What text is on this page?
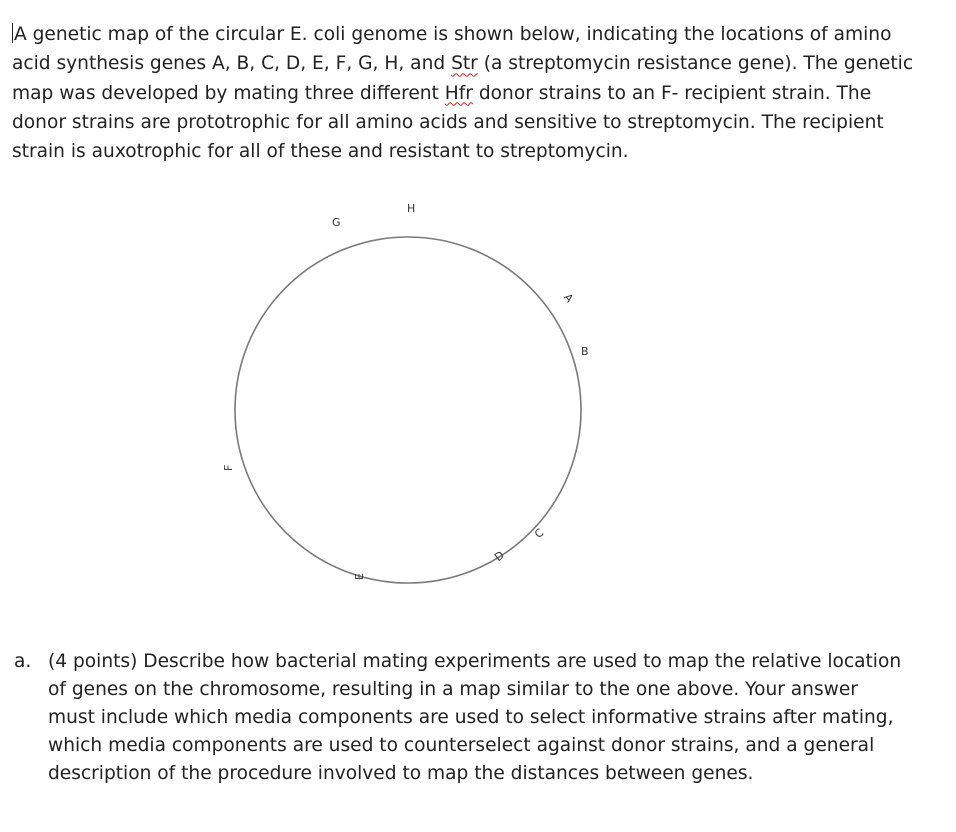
A genetic map of the circular E. coli genome is shown below, indicating the locations of amino
acid synthesis genes A, B, C, D, E, F, G, H, and Str (a streptomycin resistance gene). The genetic
map was developed by mating three different Hfr donor strains to an F- recipient strain. The
donor strains are prototrophic for all amino acids and sensitive to streptomycin. The recipient
strain is auxotrophic for all of these and resistant to streptomycin.
H
G
A
B
C
D
E
F
a. (4 points) Describe how bacterial mating experiments are used to map the relative location
of genes on the chromosome, resulting in a map similar to the one above. Your answer
must include which media components are used to select informative strains after mating,
which media components are used to counterselect against donor strains, and a general
description of the procedure involved to map the distances between genes.
